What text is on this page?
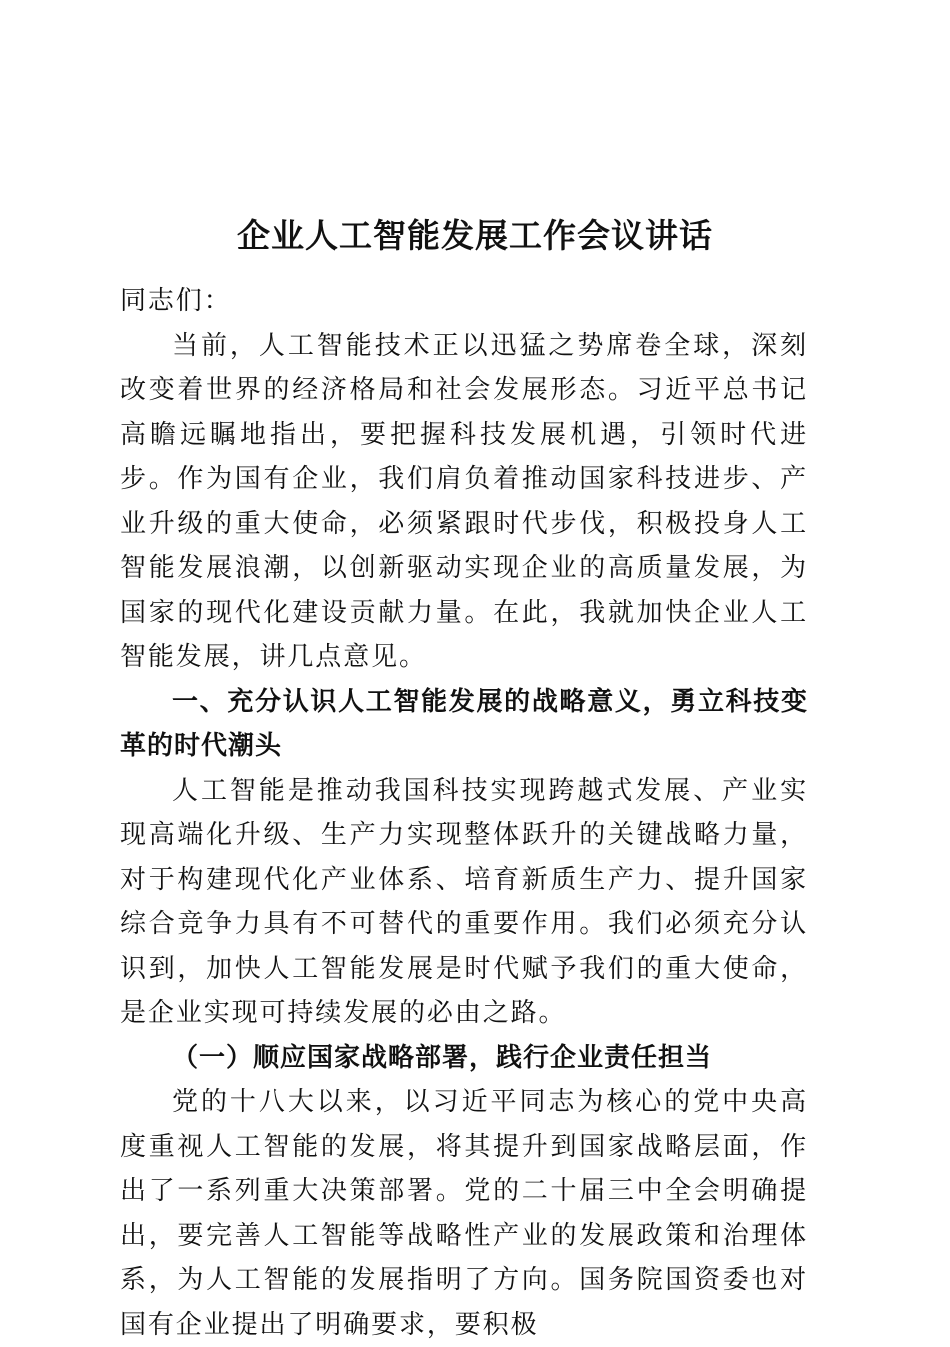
企业人工智能发展工作会议讲话

同志们：

当前，人工智能技术正以迅猛之势席卷全球，深刻改变着世界的经济格局和社会发展形态。习近平总书记高瞻远瞩地指出，要把握科技发展机遇，引领时代进步。作为国有企业，我们肩负着推动国家科技进步、产业升级的重大使命，必须紧跟时代步伐，积极投身人工智能发展浪潮，以创新驱动实现企业的高质量发展，为国家的现代化建设贡献力量。在此，我就加快企业人工智能发展，讲几点意见。

一、充分认识人工智能发展的战略意义，勇立科技变革的时代潮头

人工智能是推动我国科技实现跨越式发展、产业实现高端化升级、生产力实现整体跃升的关键战略力量，对于构建现代化产业体系、培育新质生产力、提升国家综合竞争力具有不可替代的重要作用。我们必须充分认识到，加快人工智能发展是时代赋予我们的重大使命，是企业实现可持续发展的必由之路。

（一）顺应国家战略部署，践行企业责任担当

党的十八大以来，以习近平同志为核心的党中央高度重视人工智能的发展，将其提升到国家战略层面，作出了一系列重大决策部署。党的二十届三中全会明确提出，要完善人工智能等战略性产业的发展政策和治理体系，为人工智能的发展指明了方向。国务院国资委也对国有企业提出了明确要求，要积极
